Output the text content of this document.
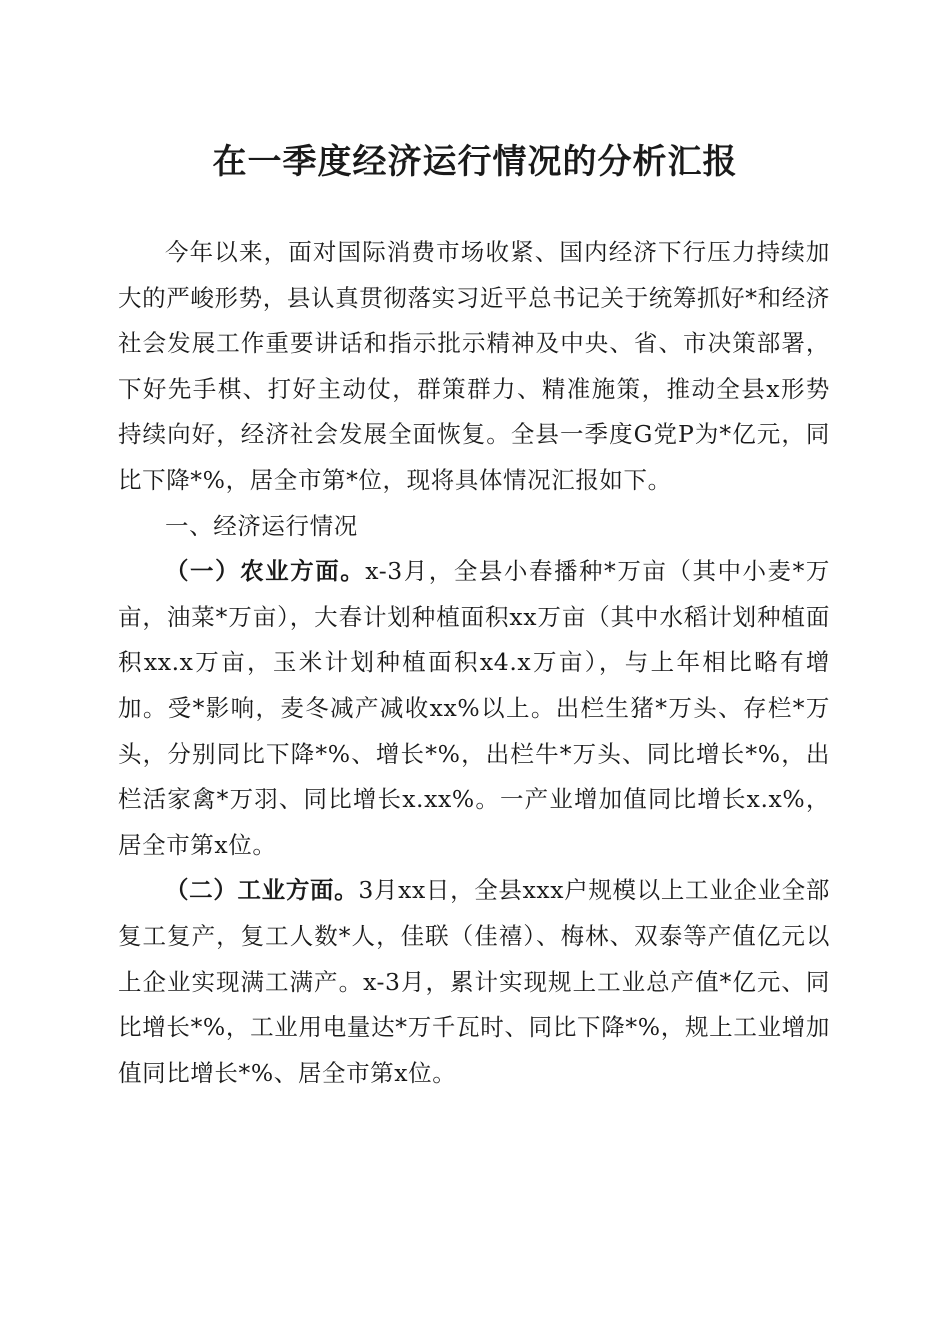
在一季度经济运行情况的分析汇报

今年以来，面对国际消费市场收紧、国内经济下行压力持续加大的严峻形势，县认真贯彻落实习近平总书记关于统筹抓好*和经济社会发展工作重要讲话和指示批示精神及中央、省、市决策部署，下好先手棋、打好主动仗，群策群力、精准施策，推动全县x形势持续向好，经济社会发展全面恢复。全县一季度G党P为*亿元，同比下降*%，居全市第*位，现将具体情况汇报如下。

一、经济运行情况

（一）农业方面。x-3月，全县小春播种*万亩（其中小麦*万亩，油菜*万亩），大春计划种植面积xx万亩（其中水稻计划种植面积xx.x万亩，玉米计划种植面积x4.x万亩），与上年相比略有增加。受*影响，麦冬减产减收xx%以上。出栏生猪*万头、存栏*万头，分别同比下降*%、增长*%，出栏牛*万头、同比增长*%，出栏活家禽*万羽、同比增长x.xx%。一产业增加值同比增长x.x%，居全市第x位。

（二）工业方面。3月xx日，全县xxx户规模以上工业企业全部复工复产，复工人数*人，佳联（佳禧）、梅林、双泰等产值亿元以上企业实现满工满产。x-3月，累计实现规上工业总产值*亿元、同比增长*%，工业用电量达*万千瓦时、同比下降*%，规上工业增加值同比增长*%、居全市第x位。
